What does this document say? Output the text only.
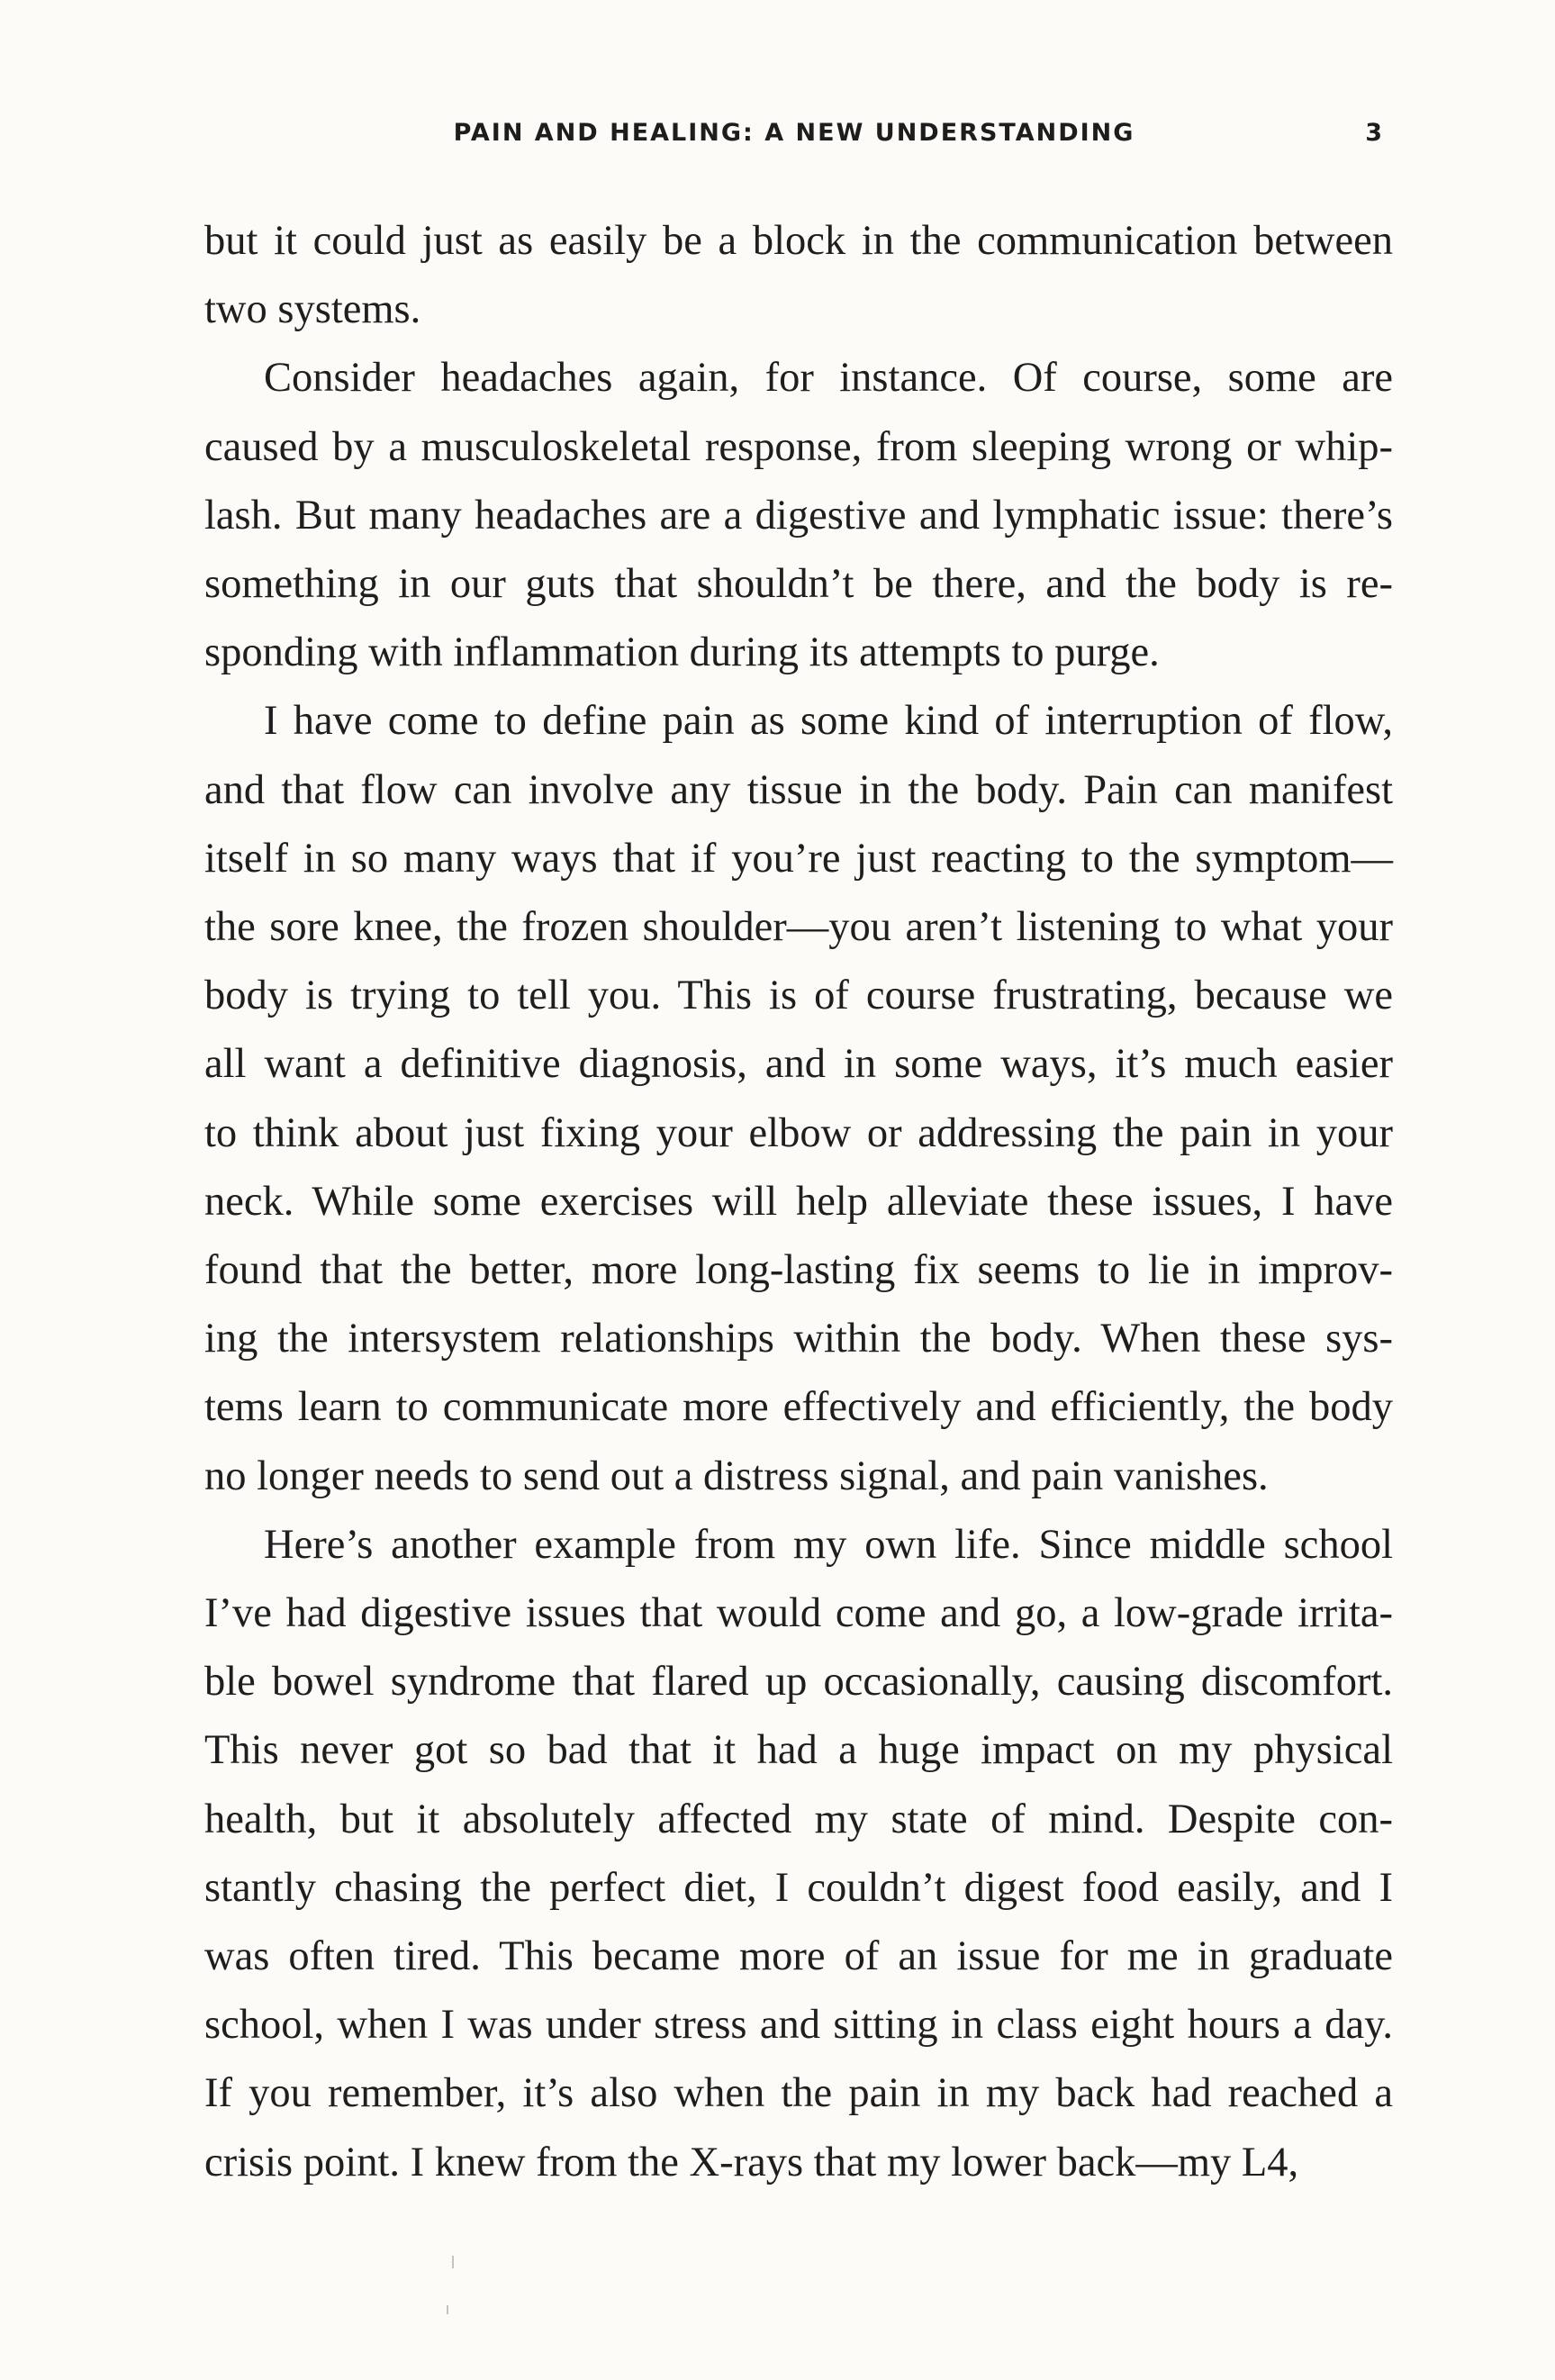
PAIN AND HEALING: A NEW UNDERSTANDING	3
but it could just as easily be a block in the communication between
two systems.
Consider headaches again, for instance. Of course, some are
caused by a musculoskeletal response, from sleeping wrong or whip-
lash. But many headaches are a digestive and lymphatic issue: there’s
something in our guts that shouldn’t be there, and the body is re-
sponding with inflammation during its attempts to purge.
I have come to define pain as some kind of interruption of flow,
and that flow can involve any tissue in the body. Pain can manifest
itself in so many ways that if you’re just reacting to the symptom—
the sore knee, the frozen shoulder—you aren’t listening to what your
body is trying to tell you. This is of course frustrating, because we
all want a definitive diagnosis, and in some ways, it’s much easier
to think about just fixing your elbow or addressing the pain in your
neck. While some exercises will help alleviate these issues, I have
found that the better, more long-lasting fix seems to lie in improv-
ing the intersystem relationships within the body. When these sys-
tems learn to communicate more effectively and efficiently, the body
no longer needs to send out a distress signal, and pain vanishes.
Here’s another example from my own life. Since middle school
I’ve had digestive issues that would come and go, a low-grade irrita-
ble bowel syndrome that flared up occasionally, causing discomfort.
This never got so bad that it had a huge impact on my physical
health, but it absolutely affected my state of mind. Despite con-
stantly chasing the perfect diet, I couldn’t digest food easily, and I
was often tired. This became more of an issue for me in graduate
school, when I was under stress and sitting in class eight hours a day.
If you remember, it’s also when the pain in my back had reached a
crisis point. I knew from the X-rays that my lower back—my L4,
